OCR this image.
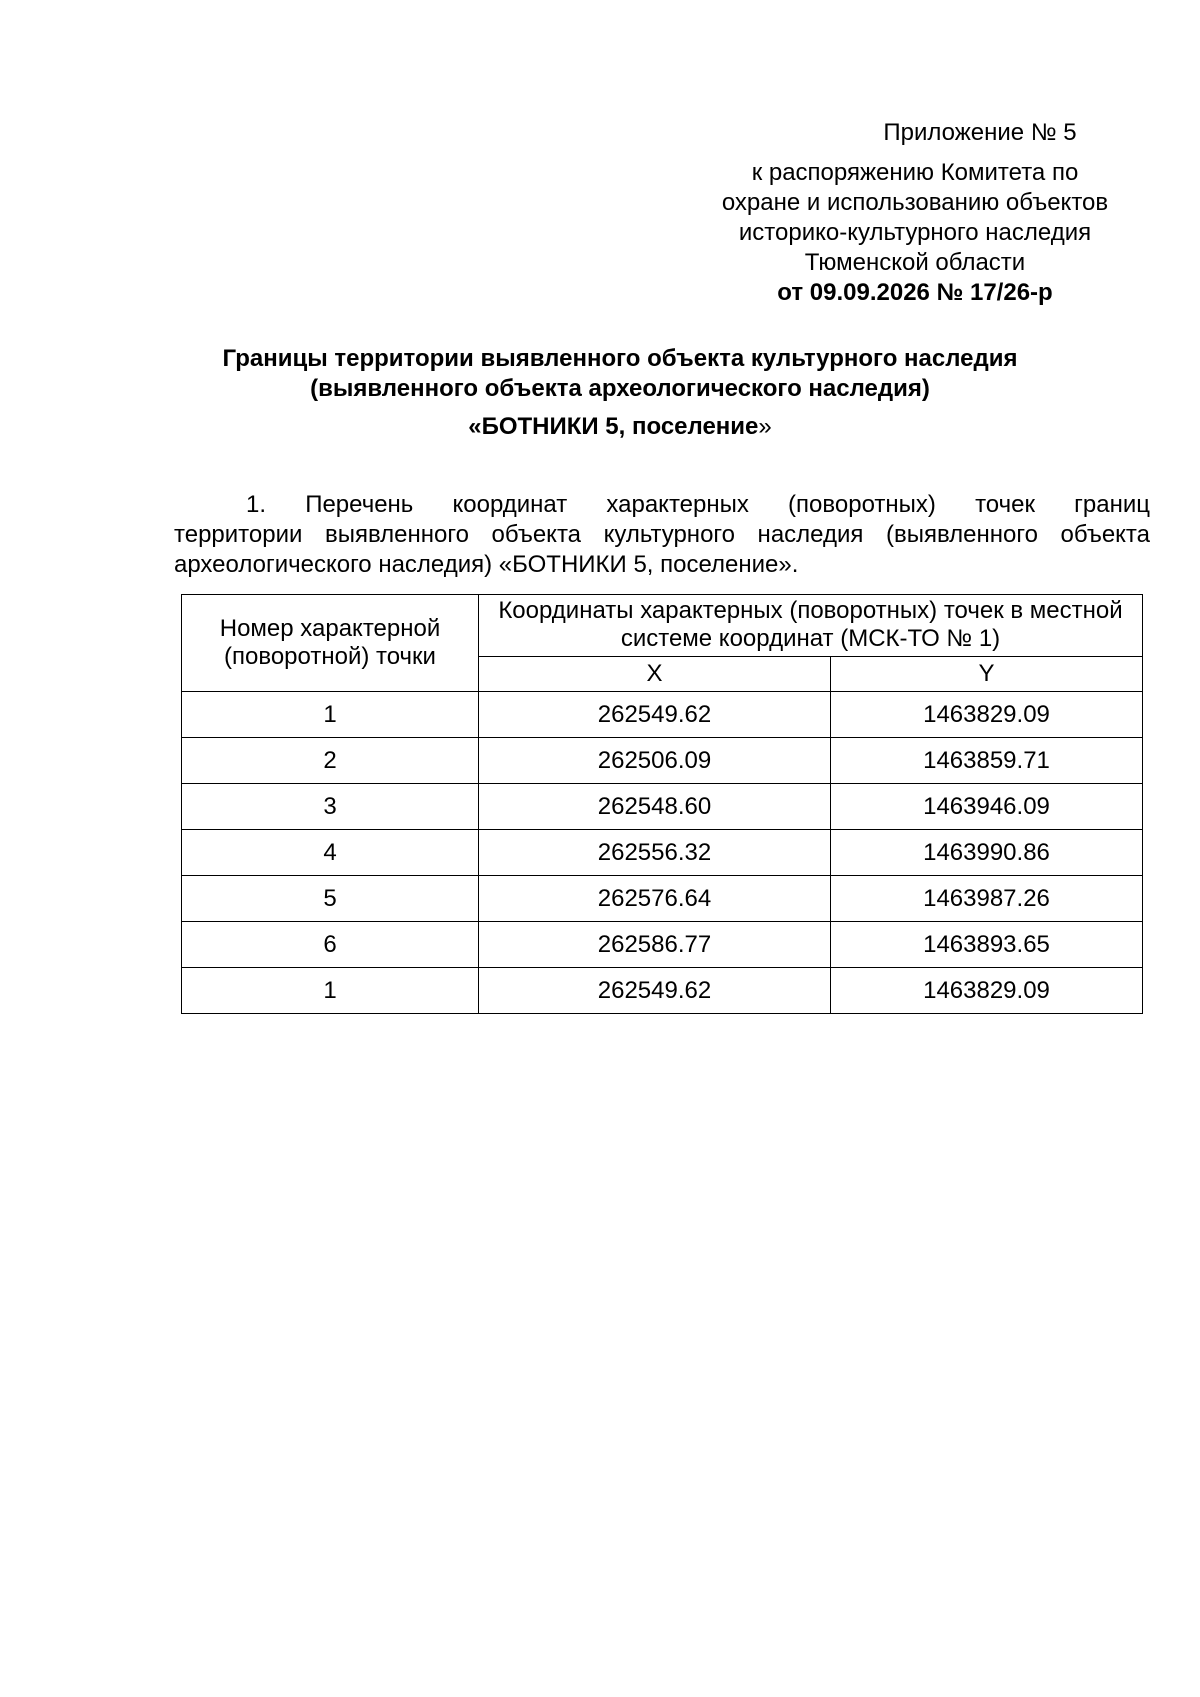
Приложение № 5
к распоряжению Комитета по
охране и использованию объектов
историко-культурного наследия
Тюменской области
от 09.09.2026 № 17/26-р
Границы территории выявленного объекта культурного наследия
(выявленного объекта археологического наследия)
«БОТНИКИ 5, поселение»
1. Перечень координат характерных (поворотных) точек границ
территории выявленного объекта культурного наследия (выявленного объекта
археологического наследия) «БОТНИКИ 5, поселение».
Номер характерной (поворотной) точки	Координаты характерных (поворотных) точек в местной системе координат (МСК-ТО № 1)	
	X	Y
1	262549.62	1463829.09
2	262506.09	1463859.71
3	262548.60	1463946.09
4	262556.32	1463990.86
5	262576.64	1463987.26
6	262586.77	1463893.65
1	262549.62	1463829.09
